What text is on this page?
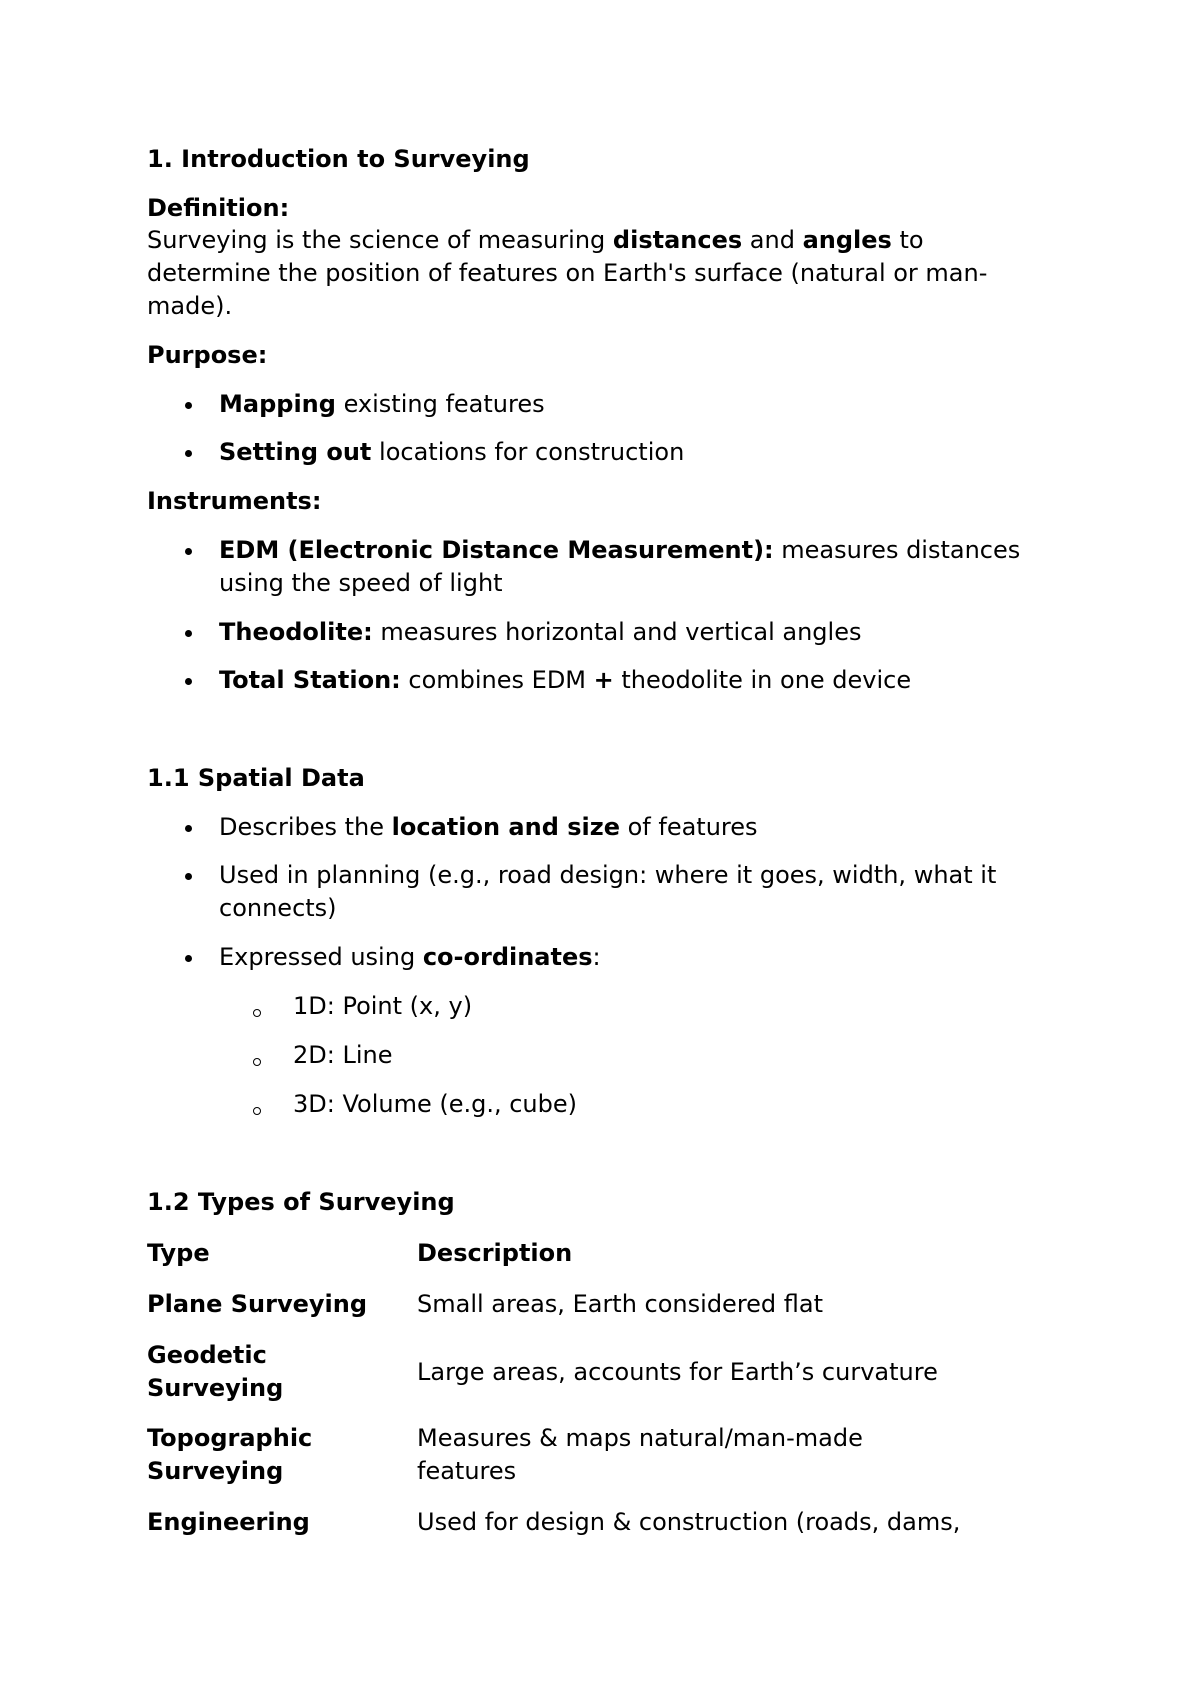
1. Introduction to Surveying
Definition:
Surveying is the science of measuring distances and angles to
determine the position of features on Earth's surface (natural or man-
made).
Purpose:
Mapping existing features
Setting out locations for construction
Instruments:
EDM (Electronic Distance Measurement): measures distances
using the speed of light
Theodolite: measures horizontal and vertical angles
Total Station: combines EDM + theodolite in one device
1.1 Spatial Data
Describes the location and size of features
Used in planning (e.g., road design: where it goes, width, what it
connects)
Expressed using co-ordinates:
1D: Point (x, y)
2D: Line
3D: Volume (e.g., cube)
1.2 Types of Surveying
Type	Description
Plane Surveying Small areas, Earth considered flat
Geodetic
Surveying
Large areas, accounts for Earth’s curvature
Topographic
Surveying
Measures & maps natural/man-made
features
Engineering	Used for design & construction (roads, dams,
